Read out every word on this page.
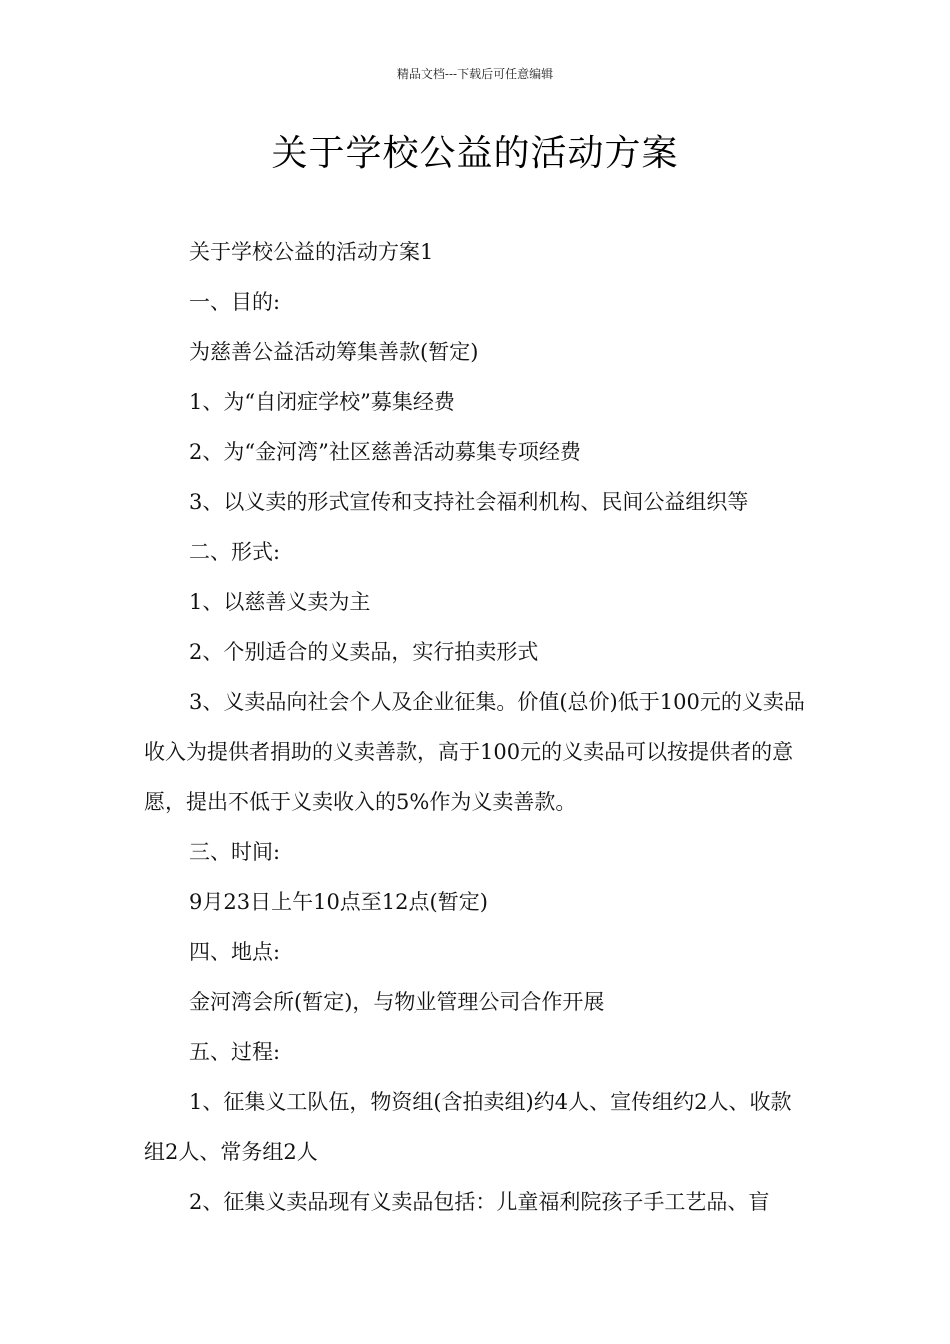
精品文档---下载后可任意编辑
关于学校公益的活动方案

关于学校公益的活动方案1

一、目的:

为慈善公益活动筹集善款(暂定)

1、为“自闭症学校”募集经费

2、为“金河湾”社区慈善活动募集专项经费

3、以义卖的形式宣传和支持社会福利机构、民间公益组织等

二、形式:

1、以慈善义卖为主

2、个别适合的义卖品，实行拍卖形式

3、义卖品向社会个人及企业征集。价值(总价)低于100元的义卖品收入为提供者捐助的义卖善款，高于100元的义卖品可以按提供者的意愿，提出不低于义卖收入的5%作为义卖善款。

三、时间:

9月23日上午10点至12点(暂定)

四、地点:

金河湾会所(暂定)，与物业管理公司合作开展

五、过程:

1、征集义工队伍，物资组(含拍卖组)约4人、宣传组约2人、收款组2人、常务组2人

2、征集义卖品现有义卖品包括：儿童福利院孩子手工艺品、盲
